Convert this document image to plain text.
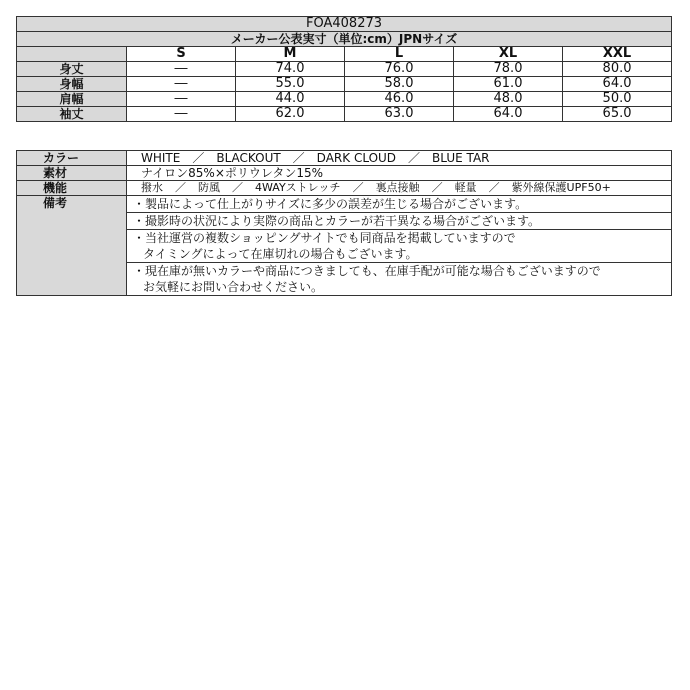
FOA408273					
メーカー公表実寸（単位:cm）JPNサイズ					
	S	M	L	XL	XXL
身丈	―	74.0	76.0	78.0	80.0
身幅	―	55.0	58.0	61.0	64.0
肩幅	―	44.0	46.0	48.0	50.0
袖丈	―	62.0	63.0	64.0	65.0
カラー	WHITE　／　BLACKOUT　／　DARK CLOUD　／　BLUE TAR
素材	ナイロン85%×ポリウレタン15%
機能	撥水 ／ 防風 ／ 4WAYストレッチ ／ 裏点接触 ／ 軽量 ／ 紫外線保護UPF50+
備考	・製品によって仕上がりサイズに多少の誤差が生じる場合がございます。

	・撮影時の状況により実際の商品とカラーが若干異なる場合がございます。

	・当社運営の複数ショッピングサイトでも同商品を掲載していますので
タイミングによって在庫切れの場合もございます。

	・現在庫が無いカラーや商品につきましても、在庫手配が可能な場合もございますので
お気軽にお問い合わせください。
